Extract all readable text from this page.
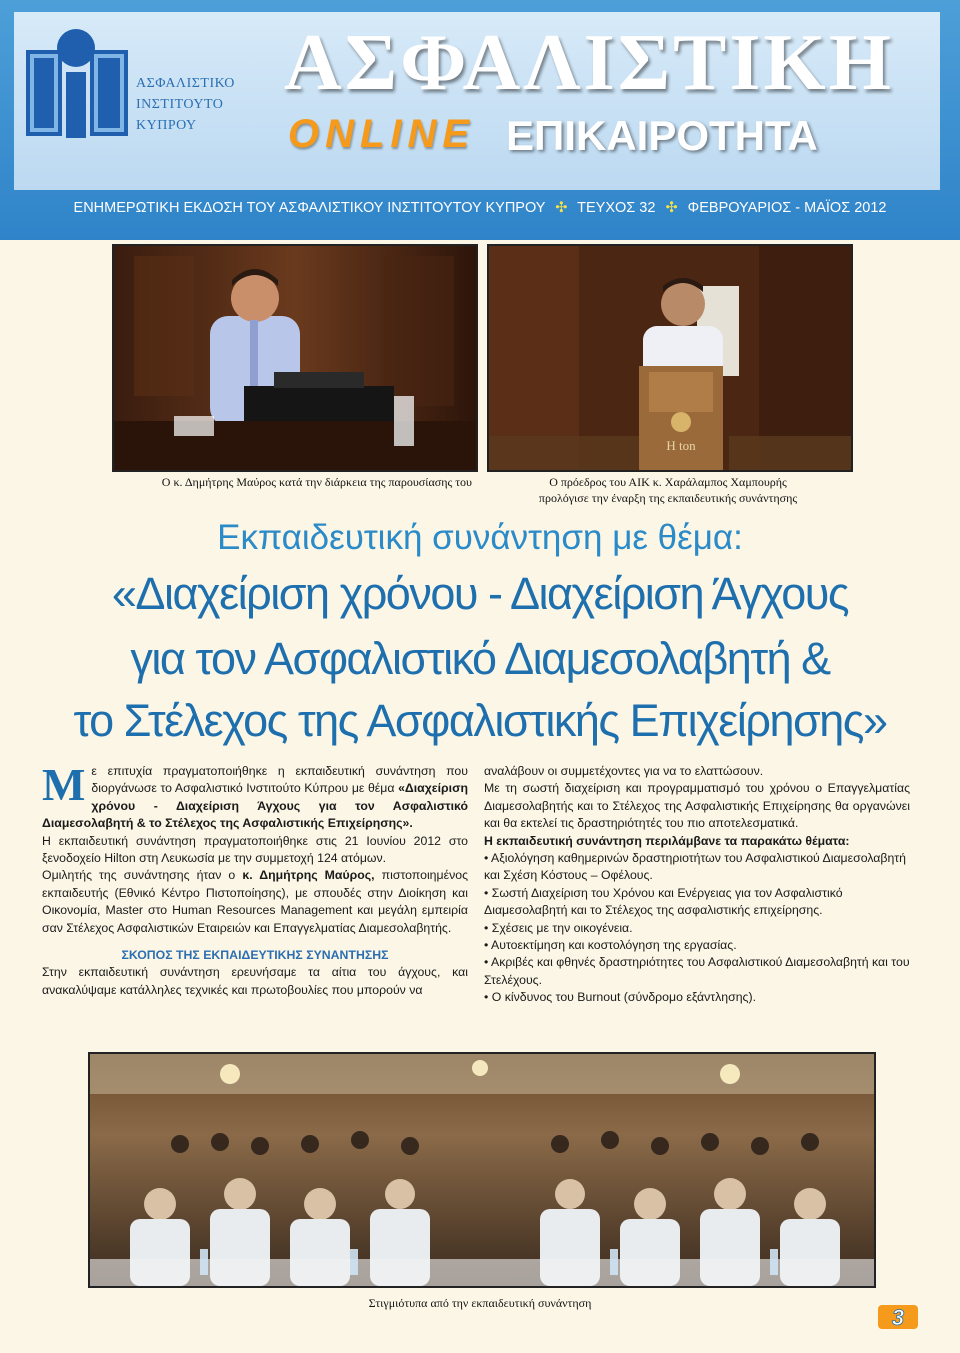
ΑΣΦΑΛΙΣΤΙΚΟ
ΙΝΣΤΙΤΟΥΤΟ
ΚΥΠΡΟΥ
ΑΣΦΑΛΙΣΤΙΚΗ
ONLINE ΕΠΙΚΑΙΡΟΤΗΤΑ
ΕΝΗΜΕΡΩΤΙΚΗ ΕΚΔΟΣΗ ΤΟΥ ΑΣΦΑΛΙΣΤΙΚΟΥ ΙΝΣΤΙΤΟΥΤΟΥ ΚΥΠΡΟΥ ✣ ΤΕΥΧΟΣ 32 ✣ ΦΕΒΡΟΥΑΡΙΟΣ - ΜΑΪΟΣ 2012
H ton
Ο κ. Δημήτρης Μαύρος κατά την διάρκεια της παρουσίασης του	Ο πρόεδρος του ΑΙΚ κ. Χαράλαμπος Χαμπουρής
προλόγισε την έναρξη της εκπαιδευτικής συνάντησης
Εκπαιδευτική συνάντηση με θέμα:
«Διαχείριση χρόνου - Διαχείριση Άγχους
για τον Ασφαλιστικό Διαμεσολαβητή &
το Στέλεχος της Ασφαλιστικής Επιχείρησης»

Με επιτυχία πραγματοποιήθηκε η εκπαιδευτική συνάντηση που διοργάνωσε το Ασφαλιστικό Ινστιτούτο Κύπρου με θέμα «Διαχείριση χρόνου - Διαχείριση Άγχους για τον Ασφαλιστικό Διαμεσολαβητή & το Στέλεχος της Ασφαλιστικής Επιχείρησης».

Η εκπαιδευτική συνάντηση πραγματοποιήθηκε στις 21 Ιουνίου 2012 στο ξενοδοχείο Hilton στη Λευκωσία με την συμμετοχή 124 ατόμων.

Ομιλητής της συνάντησης ήταν ο κ. Δημήτρης Μαύρος, πιστοποιημένος εκπαιδευτής (Εθνικό Κέντρο Πιστοποίησης), με σπουδές στην Διοίκηση και Οικονομία, Master στο Human Resources Management και μεγάλη εμπειρία σαν Στέλεχος Ασφαλιστικών Εταιρειών και Επαγγελματίας Διαμεσολαβητής.

ΣΚΟΠΟΣ ΤΗΣ ΕΚΠΑΙΔΕΥΤΙΚΗΣ ΣΥΝΑΝΤΗΣΗΣ

Στην εκπαιδευτική συνάντηση ερευνήσαμε τα αίτια του άγχους, και ανακαλύψαμε κατάλληλες τεχνικές και πρωτοβουλίες που μπορούν να

αναλάβουν οι συμμετέχοντες για να το ελαττώσουν.

Με τη σωστή διαχείριση και προγραμματισμό του χρόνου ο Επαγγελματίας Διαμεσολαβητής και το Στέλεχος της Ασφαλιστικής Επιχείρησης θα οργανώνει και θα εκτελεί τις δραστηριότητές του πιο αποτελεσματικά.

Η εκπαιδευτική συνάντηση περιλάμβανε τα παρακάτω θέματα:

• Αξιολόγηση καθημερινών δραστηριοτήτων του Ασφαλιστικού Διαμεσολαβητή και Σχέση Κόστους – Οφέλους.

• Σωστή Διαχείριση του Χρόνου και Ενέργειας για τον Ασφαλιστικό Διαμεσολαβητή και το Στέλεχος της ασφαλιστικής επιχείρησης.

• Σχέσεις με την οικογένεια.

• Αυτοεκτίμηση και κοστολόγηση της εργασίας.

• Ακριβές και φθηνές δραστηριότητες του Ασφαλιστικού Διαμεσολαβητή και του Στελέχους.

• Ο κίνδυνος του Burnout (σύνδρομο εξάντλησης).

Στιγμιότυπα από την εκπαιδευτική συνάντηση
3
